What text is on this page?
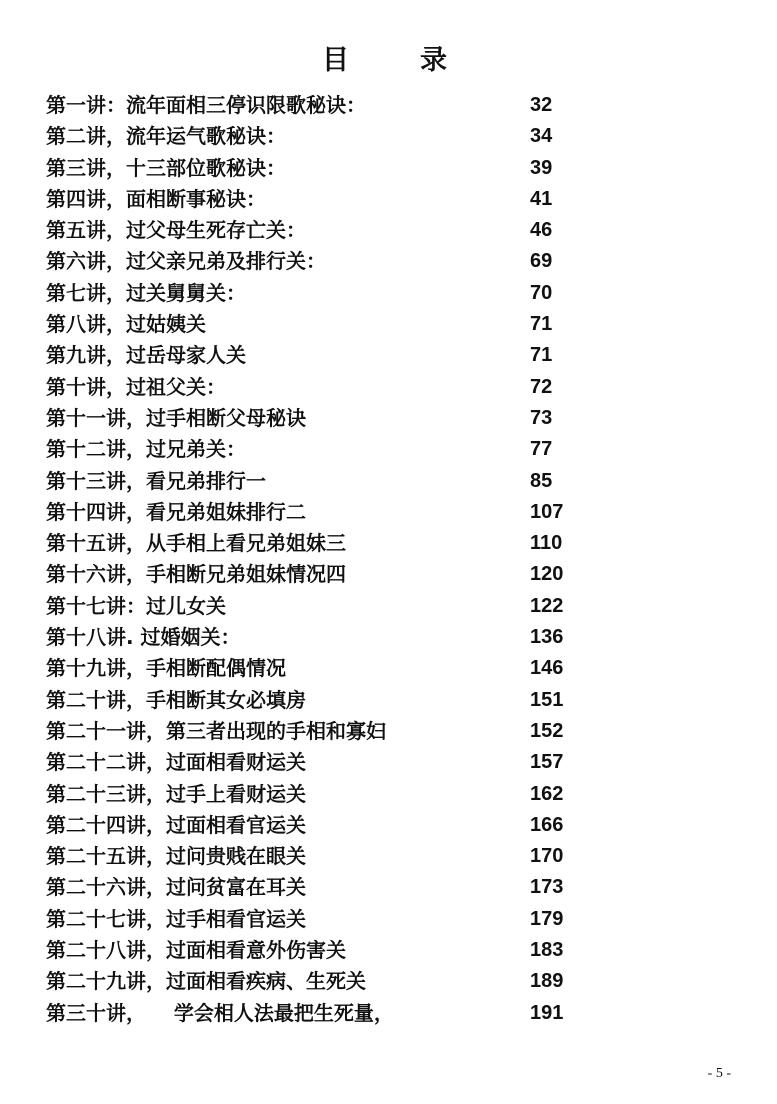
目　录
第一讲：流年面相三停识限歌秘诀：	32
第二讲，流年运气歌秘诀：	34
第三讲，十三部位歌秘诀：	39
第四讲，面相断事秘诀：	41
第五讲，过父母生死存亡关：	46
第六讲，过父亲兄弟及排行关：	69
第七讲，过关舅舅关：	70
第八讲，过姑姨关	71
第九讲，过岳母家人关	71
第十讲，过祖父关：	72
第十一讲，过手相断父母秘诀	73
第十二讲，过兄弟关：	77
第十三讲，看兄弟排行一	85
第十四讲，看兄弟姐妹排行二	107
第十五讲，从手相上看兄弟姐妹三	110
第十六讲，手相断兄弟姐妹情况四	120
第十七讲：过儿女关	122
第十八讲. 过婚姻关：	136
第十九讲，手相断配偶情况	146
第二十讲，手相断其女必填房	151
第二十一讲，第三者出现的手相和寡妇	152
第二十二讲，过面相看财运关	157
第二十三讲，过手上看财运关	162
第二十四讲，过面相看官运关	166
第二十五讲，过问贵贱在眼关	170
第二十六讲，过问贫富在耳关	173
第二十七讲，过手相看官运关	179
第二十八讲，过面相看意外伤害关	183
第二十九讲，过面相看疾病、生死关	189
第三十讲，    学会相人法最把生死量，	191
- 5 -
